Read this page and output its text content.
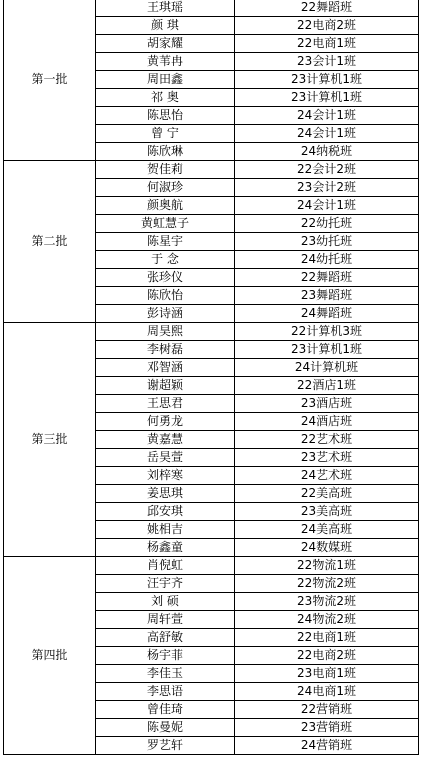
第一批	王琪瑶	22舞蹈班
	颜 琪	22电商2班
	胡家耀	22电商1班
	黄苇冉	23会计1班
	周田鑫	23计算机1班
	祁 奥	23计算机1班
	陈思怡	24会计1班
	曾 宁	24会计1班
	陈欣琳	24纳税班
第二批	贺佳莉	22会计2班
	何淑珍	23会计2班
	颜奥航	24会计1班
	黄虹慧子	22幼托班
	陈星宇	23幼托班
	于 念	24幼托班
	张珍仪	22舞蹈班
	陈欣怡	23舞蹈班
	彭诗涵	24舞蹈班
第三批	周昊熙	22计算机3班
	李树磊	23计算机1班
	邓智涵	24计算机班
	谢超颖	22酒店1班
	王思君	23酒店班
	何勇龙	24酒店班
	黄嘉慧	22艺术班
	岳昊萱	23艺术班
	刘梓寒	24艺术班
	姜思琪	22美高班
	邱安琪	23美高班
	姚相吉	24美高班
	杨鑫童	24数媒班
第四批	肖倪虹	22物流1班
	汪宇齐	22物流2班
	刘 硕	23物流2班
	周轩萱	24物流2班
	高舒敏	22电商1班
	杨宇菲	22电商2班
	李佳玉	23电商1班
	李思语	24电商1班
	曾佳琦	22营销班
	陈曼妮	23营销班
	罗艺轩	24营销班
